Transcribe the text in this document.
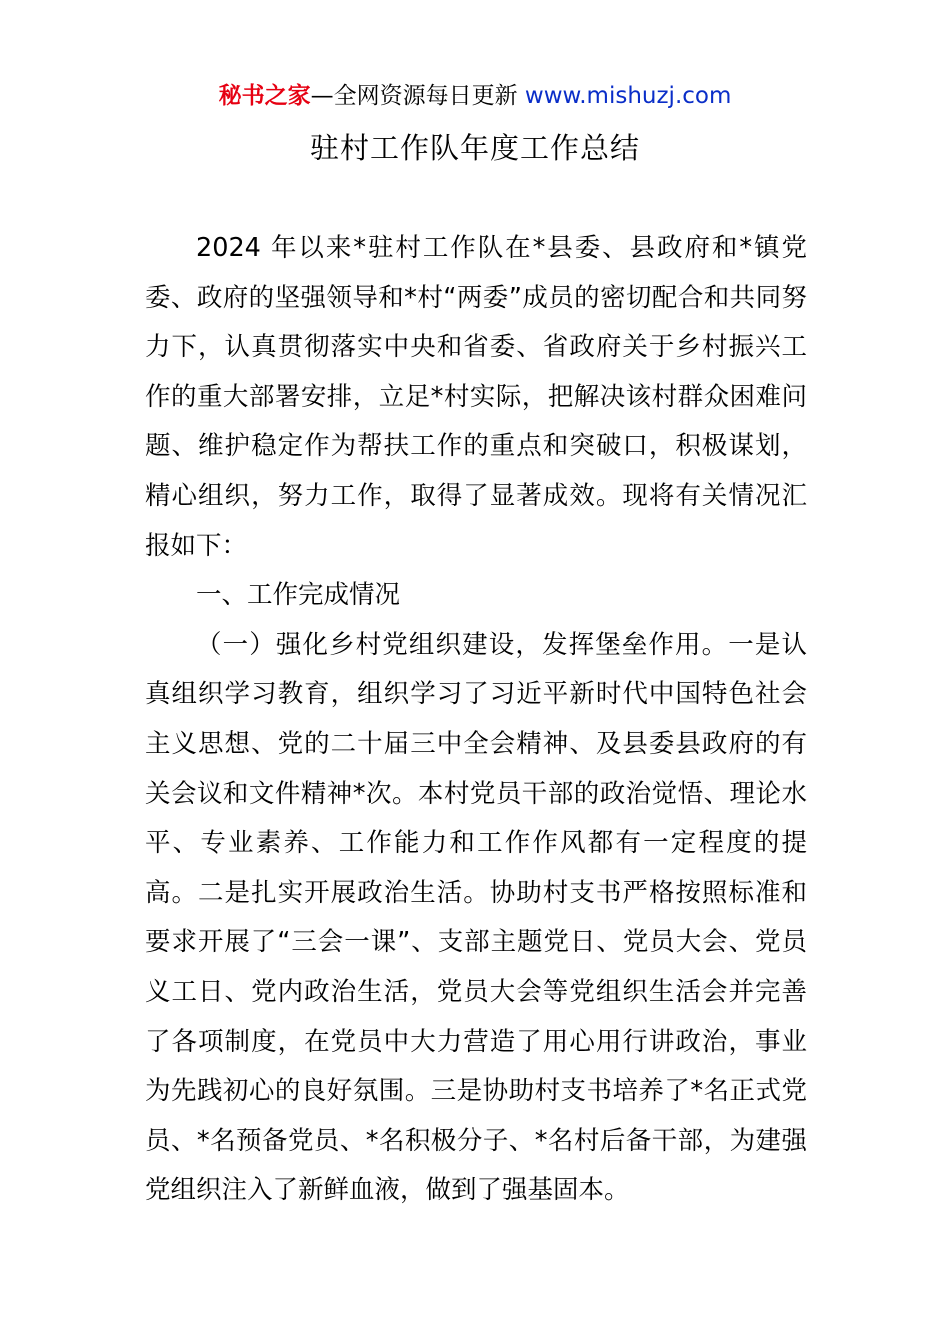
秘书之家—全网资源每日更新 www.mishuzj.com
驻村工作队年度工作总结

2024 年以来*驻村工作队在*县委、县政府和*镇党委、政府的坚强领导和*村“两委”成员的密切配合和共同努力下，认真贯彻落实中央和省委、省政府关于乡村振兴工作的重大部署安排，立足*村实际，把解决该村群众困难问题、维护稳定作为帮扶工作的重点和突破口，积极谋划，精心组织，努力工作，取得了显著成效。现将有关情况汇报如下：

一、工作完成情况

（一）强化乡村党组织建设，发挥堡垒作用。一是认真组织学习教育，组织学习了习近平新时代中国特色社会主义思想、党的二十届三中全会精神、及县委县政府的有关会议和文件精神*次。本村党员干部的政治觉悟、理论水平、专业素养、工作能力和工作作风都有一定程度的提高。二是扎实开展政治生活。协助村支书严格按照标准和要求开展了“三会一课”、支部主题党日、党员大会、党员义工日、党内政治生活，党员大会等党组织生活会并完善了各项制度，在党员中大力营造了用心用行讲政治，事业为先践初心的良好氛围。三是协助村支书培养了*名正式党员、*名预备党员、*名积极分子、*名村后备干部，为建强党组织注入了新鲜血液，做到了强基固本。
